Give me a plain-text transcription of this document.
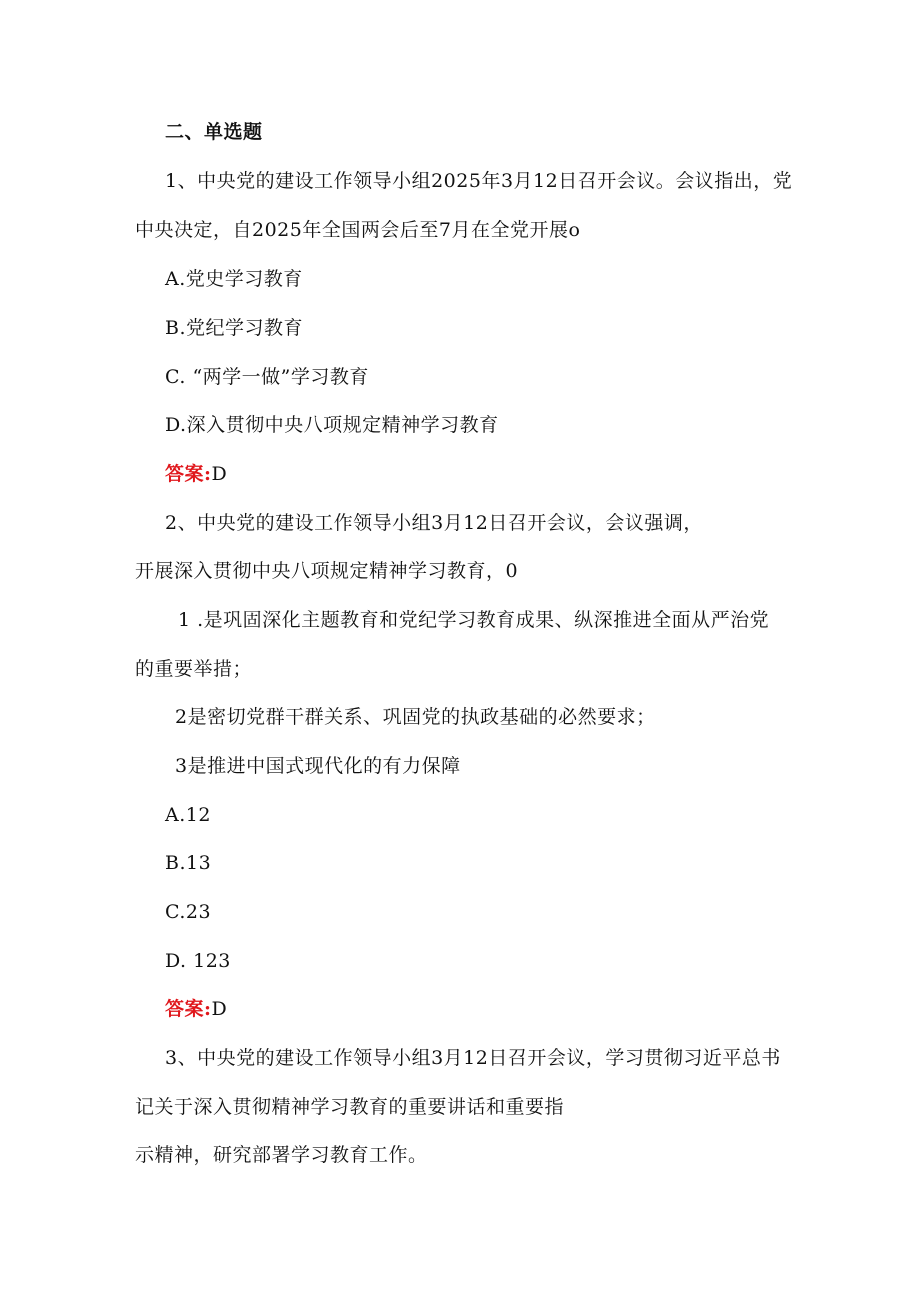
二、单选题
1、中央党的建设工作领导小组2025年3月12日召开会议。会议指出，党
中央决定，自2025年全国两会后至7月在全党开展o
A.党史学习教育
B.党纪学习教育
C. “两学一做”学习教育
D.深入贯彻中央八项规定精神学习教育
答案:D
2、中央党的建设工作领导小组3月12日召开会议，会议强调，
开展深入贯彻中央八项规定精神学习教育，0
1 .是巩固深化主题教育和党纪学习教育成果、纵深推进全面从严治党
的重要举措；
2是密切党群干群关系、巩固党的执政基础的必然要求；
3是推进中国式现代化的有力保障
A.12
B.13
C.23
D. 123
答案:D
3、中央党的建设工作领导小组3月12日召开会议，学习贯彻习近平总书
记关于深入贯彻精神学习教育的重要讲话和重要指
示精神，研究部署学习教育工作。
